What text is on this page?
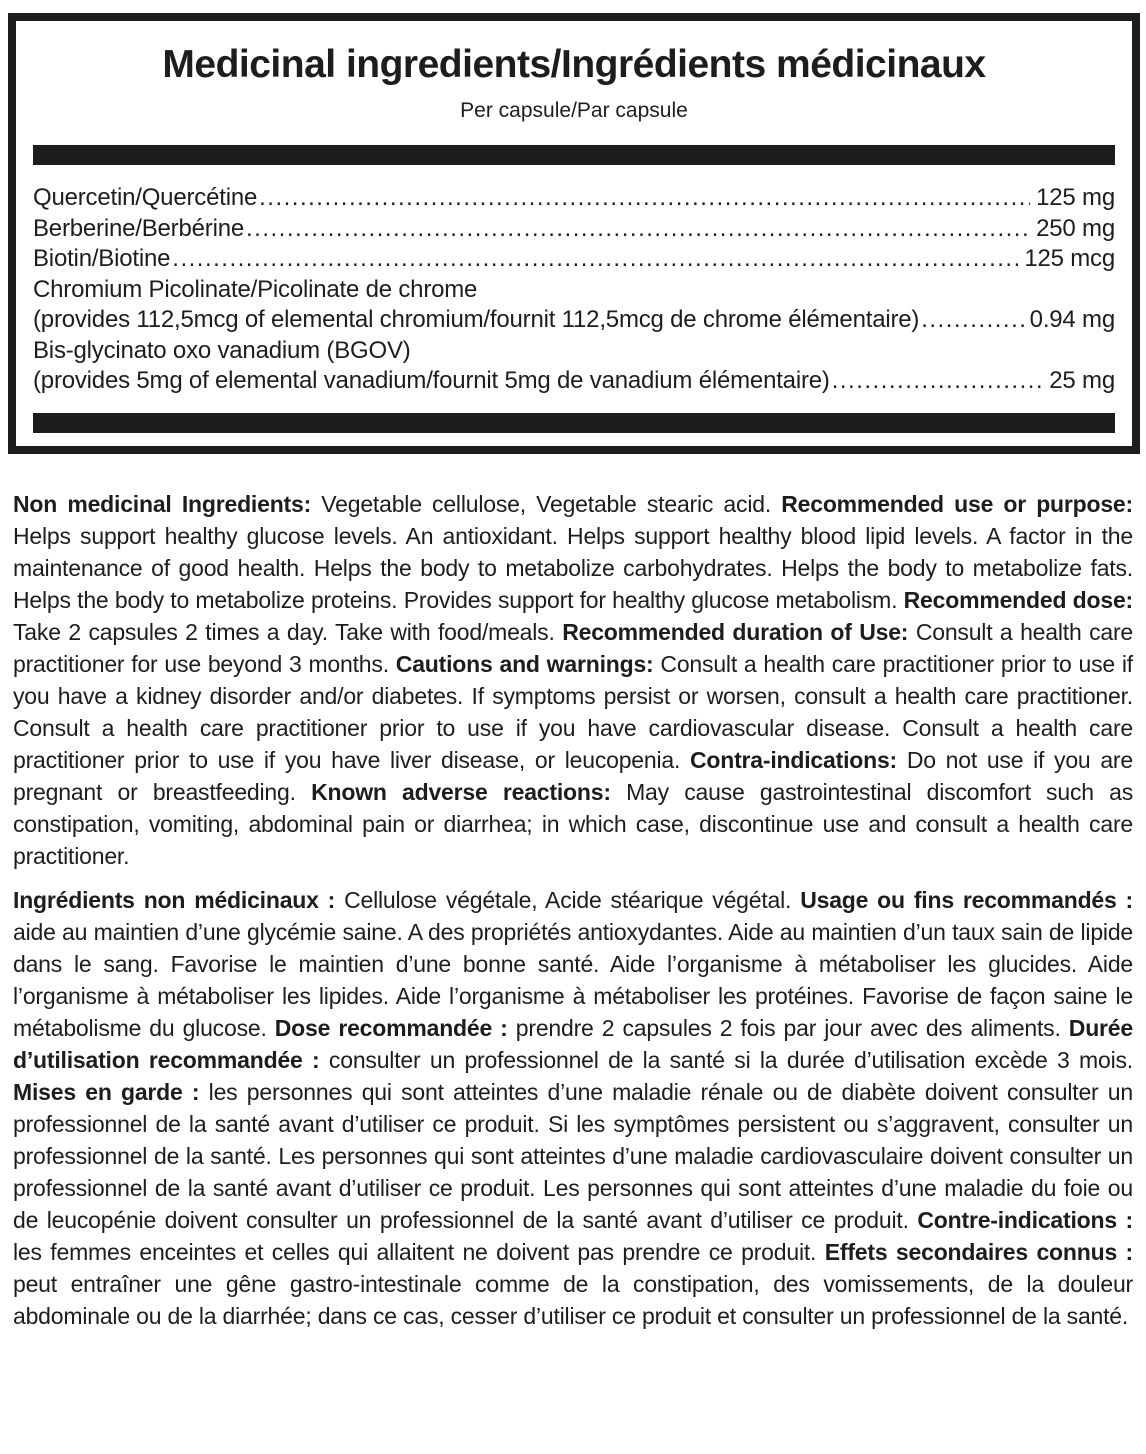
Medicinal ingredients/Ingrédients médicinaux

Per capsule/Par capsule

Quercetin/Quercétine .....	125 mg
Berberine/Berbérine .....	250 mg
Biotin/Biotine .....	125 mcg
Chromium Picolinate/Picolinate de chrome
(provides 112,5mcg of elemental chromium/fournit 112,5mcg de chrome élémentaire) .....	0.94 mg
Bis-glycinato oxo vanadium (BGOV)
(provides 5mg of elemental vanadium/fournit 5mg de vanadium élémentaire) .....	25 mg

Non medicinal Ingredients: Vegetable cellulose, Vegetable stearic acid. Recommended use or purpose: Helps support healthy glucose levels. An antioxidant. Helps support healthy blood lipid levels. A factor in the maintenance of good health. Helps the body to metabolize carbohydrates. Helps the body to metabolize fats. Helps the body to metabolize proteins. Provides support for healthy glucose metabolism. Recommended dose: Take 2 capsules 2 times a day. Take with food/meals. Recommended duration of Use: Consult a health care practitioner for use beyond 3 months. Cautions and warnings: Consult a health care practitioner prior to use if you have a kidney disorder and/or diabetes. If symptoms persist or worsen, consult a health care practitioner. Consult a health care practitioner prior to use if you have cardiovascular disease. Consult a health care practitioner prior to use if you have liver disease, or leucopenia. Contra-indications: Do not use if you are pregnant or breastfeeding. Known adverse reactions: May cause gastrointestinal discomfort such as constipation, vomiting, abdominal pain or diarrhea; in which case, discontinue use and consult a health care practitioner.

Ingrédients non médicinaux : Cellulose végétale, Acide stéarique végétal. Usage ou fins recommandés : aide au maintien d’une glycémie saine. A des propriétés antioxydantes. Aide au maintien d’un taux sain de lipide dans le sang. Favorise le maintien d’une bonne santé. Aide l’organisme à métaboliser les glucides. Aide l’organisme à métaboliser les lipides. Aide l’organisme à métaboliser les protéines. Favorise de façon saine le métabolisme du glucose. Dose recommandée : prendre 2 capsules 2 fois par jour avec des aliments. Durée d’utilisation recommandée : consulter un professionnel de la santé si la durée d’utilisation excède 3 mois. Mises en garde : les personnes qui sont atteintes d’une maladie rénale ou de diabète doivent consulter un professionnel de la santé avant d’utiliser ce produit. Si les symptômes persistent ou s’aggravent, consulter un professionnel de la santé. Les personnes qui sont atteintes d’une maladie cardiovasculaire doivent consulter un professionnel de la santé avant d’utiliser ce produit. Les personnes qui sont atteintes d’une maladie du foie ou de leucopénie doivent consulter un professionnel de la santé avant d’utiliser ce produit. Contre-indications : les femmes enceintes et celles qui allaitent ne doivent pas prendre ce produit. Effets secondaires connus : peut entraîner une gêne gastro-intestinale comme de la constipation, des vomissements, de la douleur abdominale ou de la diarrhée; dans ce cas, cesser d’utiliser ce produit et consulter un professionnel de la santé.
